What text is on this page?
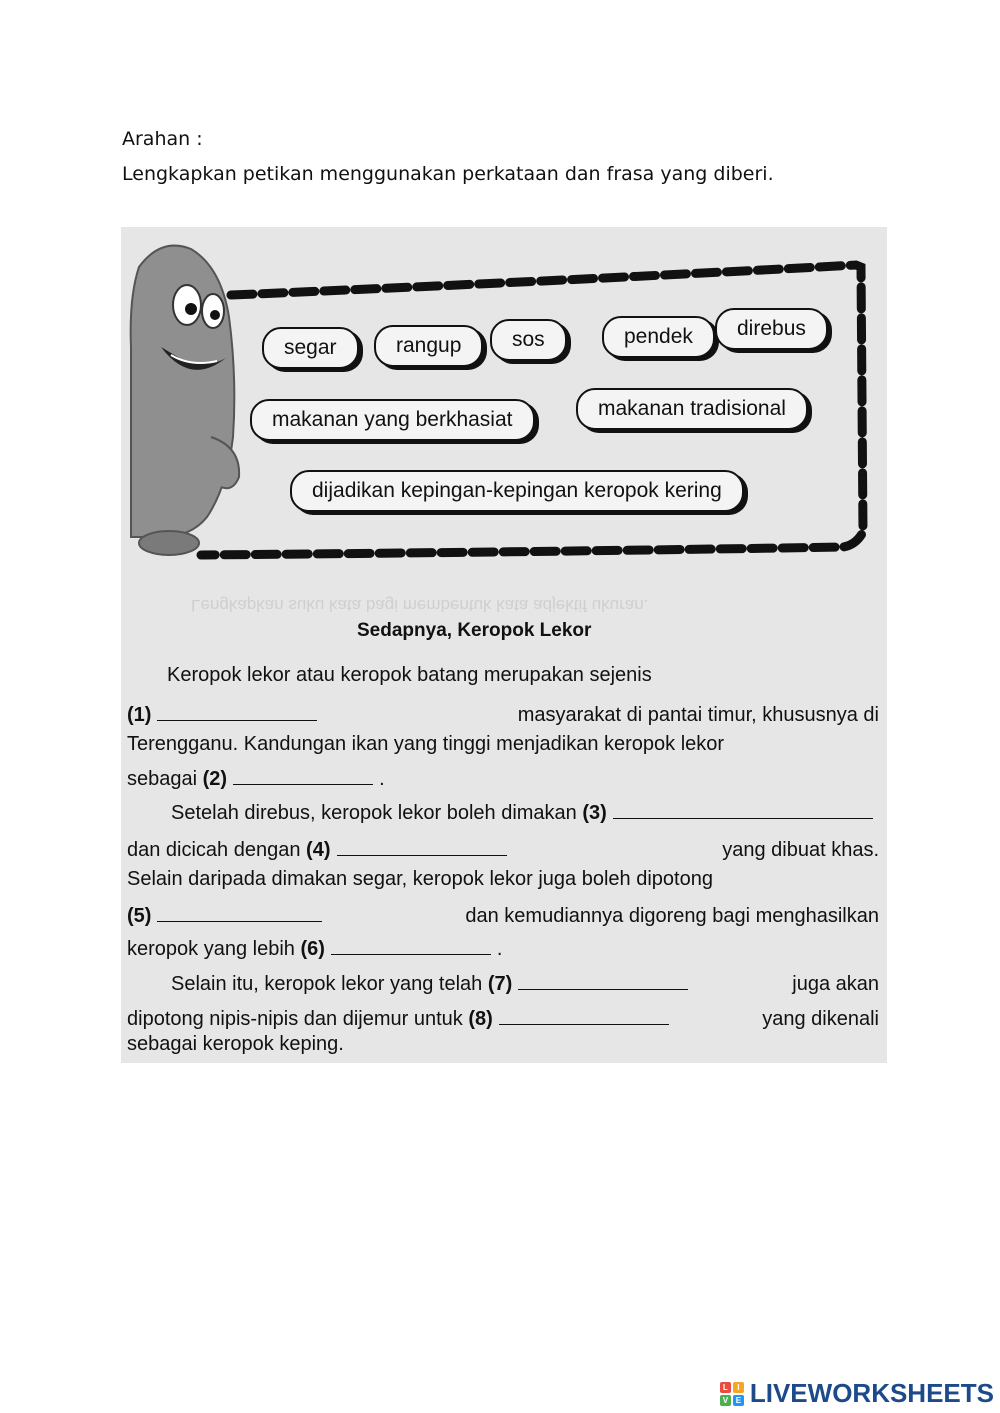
Arahan :
Lengkapkan petikan menggunakan perkataan dan frasa yang diberi.
Lengkapkan suku kata bagi membentuk kata adjektif ukuran.
segar	rangup	sos	pendek	direbus
makanan yang berkhasiat	makanan tradisional
dijadikan kepingan-kepingan keropok kering
Sedapnya, Keropok Lekor
Keropok lekor atau keropok batang merupakan sejenis
(1)	masyarakat di pantai timur, khususnya di
Terengganu. Kandungan ikan yang tinggi menjadikan keropok lekor
sebagai
(2)	.
Setelah direbus, keropok lekor boleh dimakan
(3)
dan dicicah dengan
(4)	yang dibuat khas.
Selain daripada dimakan segar, keropok lekor juga boleh dipotong
(5)	dan kemudiannya digoreng bagi menghasilkan
keropok yang lebih
(6)	.
Selain itu, keropok lekor yang telah
(7)	juga akan
dipotong nipis-nipis dan dijemur untuk
(8)	yang dikenali
sebagai keropok keping.
L	I
V E LIVEWORKSHEETS
